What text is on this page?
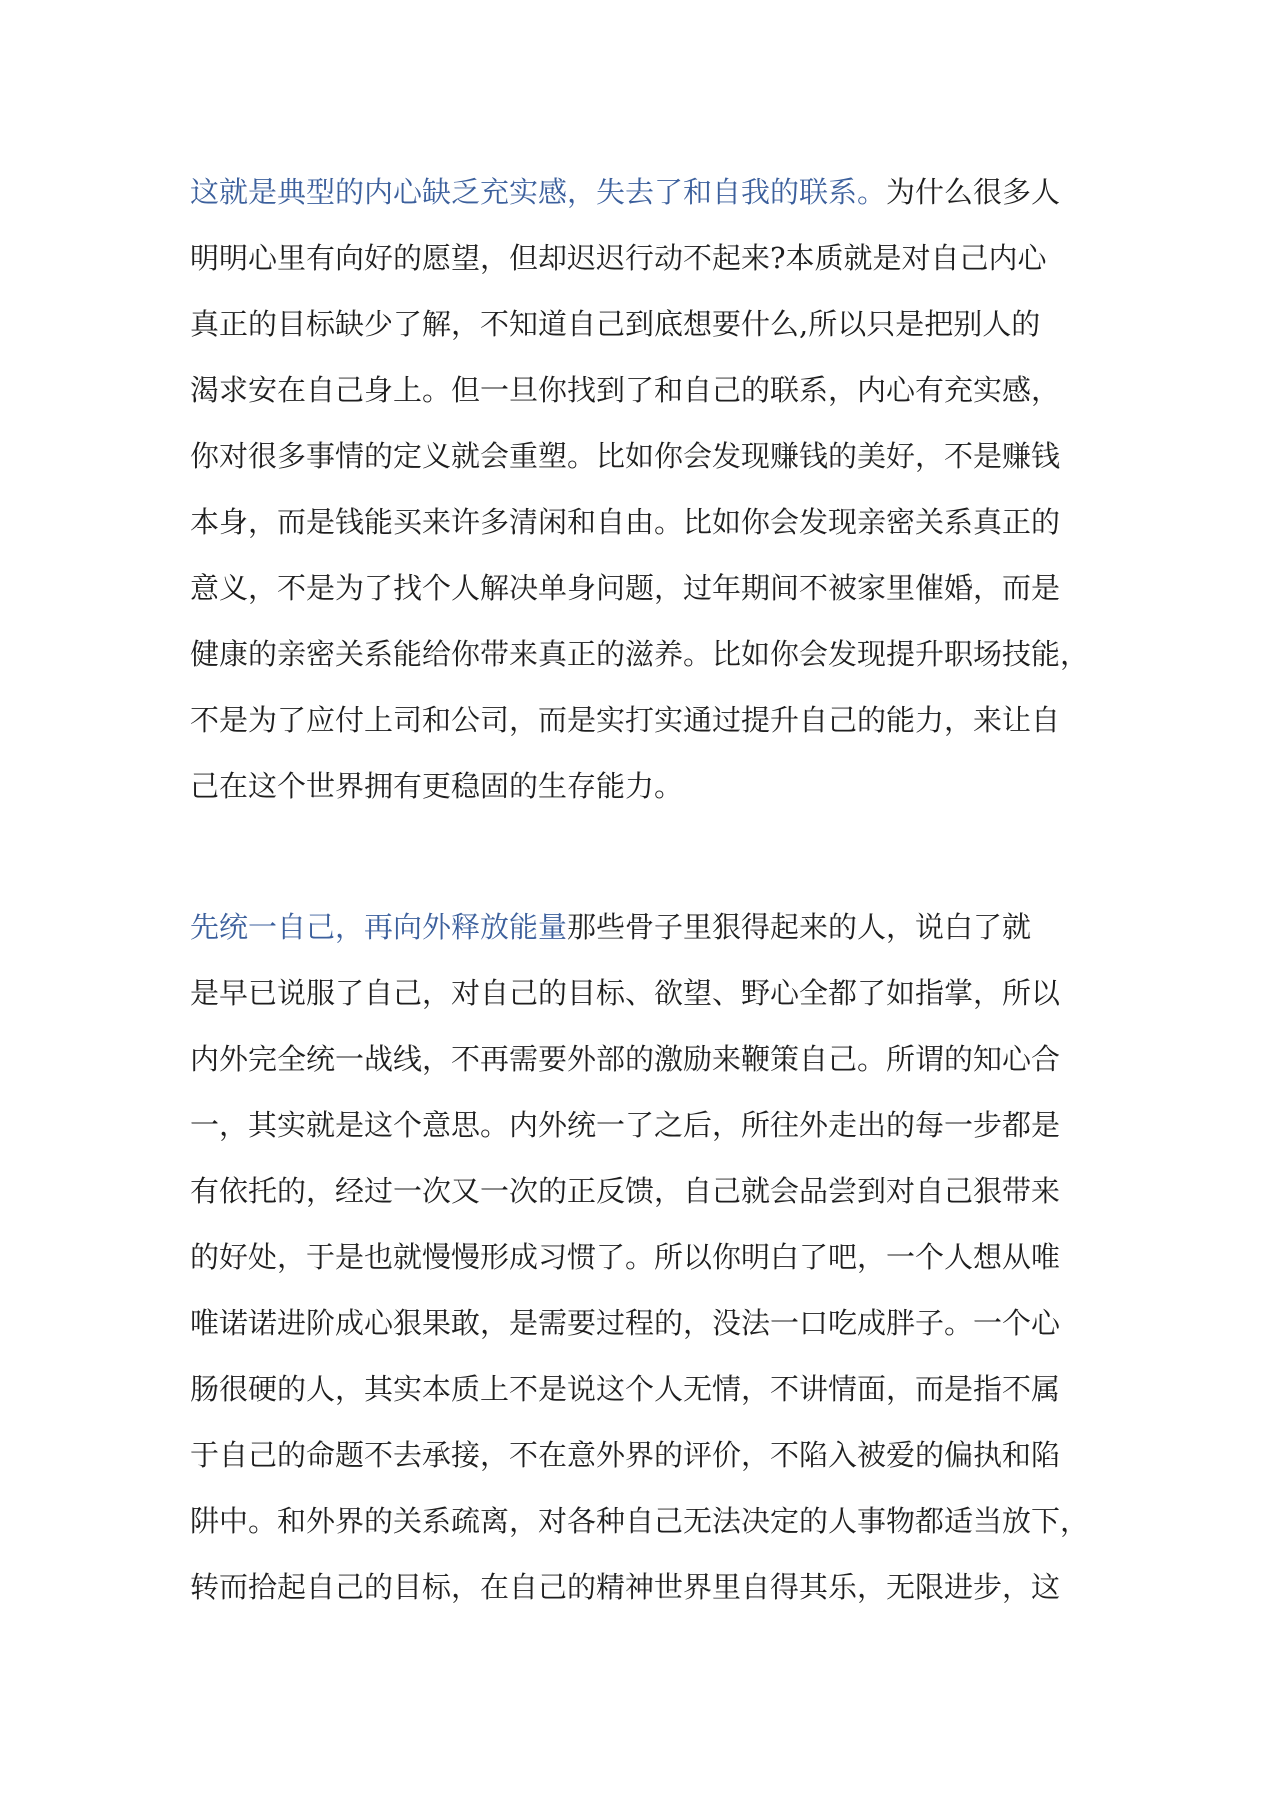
这就是典型的内心缺乏充实感，失去了和自我的联系。为什么很多人
明明心里有向好的愿望，但却迟迟行动不起来?本质就是对自己内心
真正的目标缺少了解，不知道自己到底想要什么,所以只是把别人的
渴求安在自己身上。但一旦你找到了和自己的联系，内心有充实感，
你对很多事情的定义就会重塑。比如你会发现赚钱的美好，不是赚钱
本身，而是钱能买来许多清闲和自由。比如你会发现亲密关系真正的
意义，不是为了找个人解决单身问题，过年期间不被家里催婚，而是
健康的亲密关系能给你带来真正的滋养。比如你会发现提升职场技能，
不是为了应付上司和公司，而是实打实通过提升自己的能力，来让自
己在这个世界拥有更稳固的生存能力。

先统一自己，再向外释放能量那些骨子里狠得起来的人，说白了就
是早已说服了自己，对自己的目标、欲望、野心全都了如指掌，所以
内外完全统一战线，不再需要外部的激励来鞭策自己。所谓的知心合
一，其实就是这个意思。内外统一了之后，所往外走出的每一步都是
有依托的，经过一次又一次的正反馈，自己就会品尝到对自己狠带来
的好处，于是也就慢慢形成习惯了。所以你明白了吧，一个人想从唯
唯诺诺进阶成心狠果敢，是需要过程的，没法一口吃成胖子。一个心
肠很硬的人，其实本质上不是说这个人无情，不讲情面，而是指不属
于自己的命题不去承接，不在意外界的评价，不陷入被爱的偏执和陷
阱中。和外界的关系疏离，对各种自己无法决定的人事物都适当放下，
转而拾起自己的目标，在自己的精神世界里自得其乐，无限进步，这
